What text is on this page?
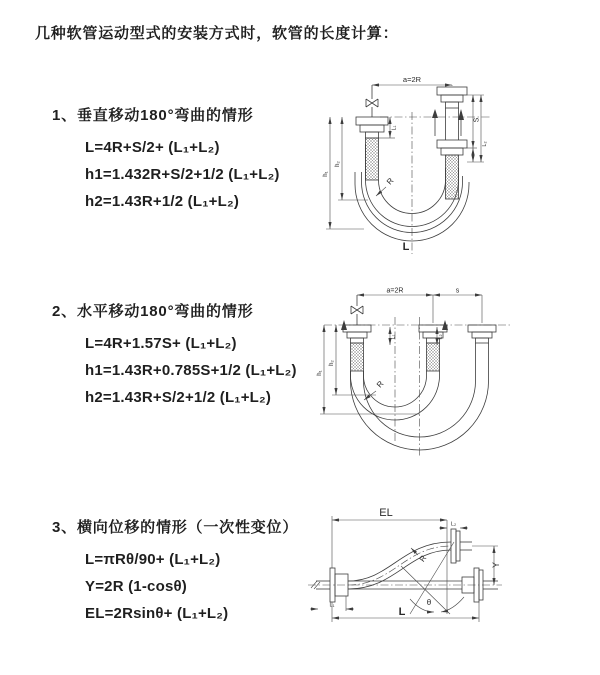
几种软管运动型式的安装方式时，软管的长度计算：
1、垂直移动180°弯曲的情形
L=4R+S/2+ (L₁+L₂)
h1=1.432R+S/2+1/2 (L₁+L₂)
h2=1.43R+1/2 (L₁+L₂)
2、水平移动180°弯曲的情形
L=4R+1.57S+ (L₁+L₂)
h1=1.43R+0.785S+1/2 (L₁+L₂)
h2=1.43R+S/2+1/2 (L₁+L₂)
3、横向位移的情形（一次性变位）
L=πRθ/90+ (L₁+L₂)
Y=2R (1-cosθ)
EL=2Rsinθ+ (L₁+L₂)
a=2R
S
L₂
L₁
h₁
h₂
R
L
a=2R	s
L₁	L₂
h₁
h₂
R
θ
R
EL
L₂
Y
L₁
L
